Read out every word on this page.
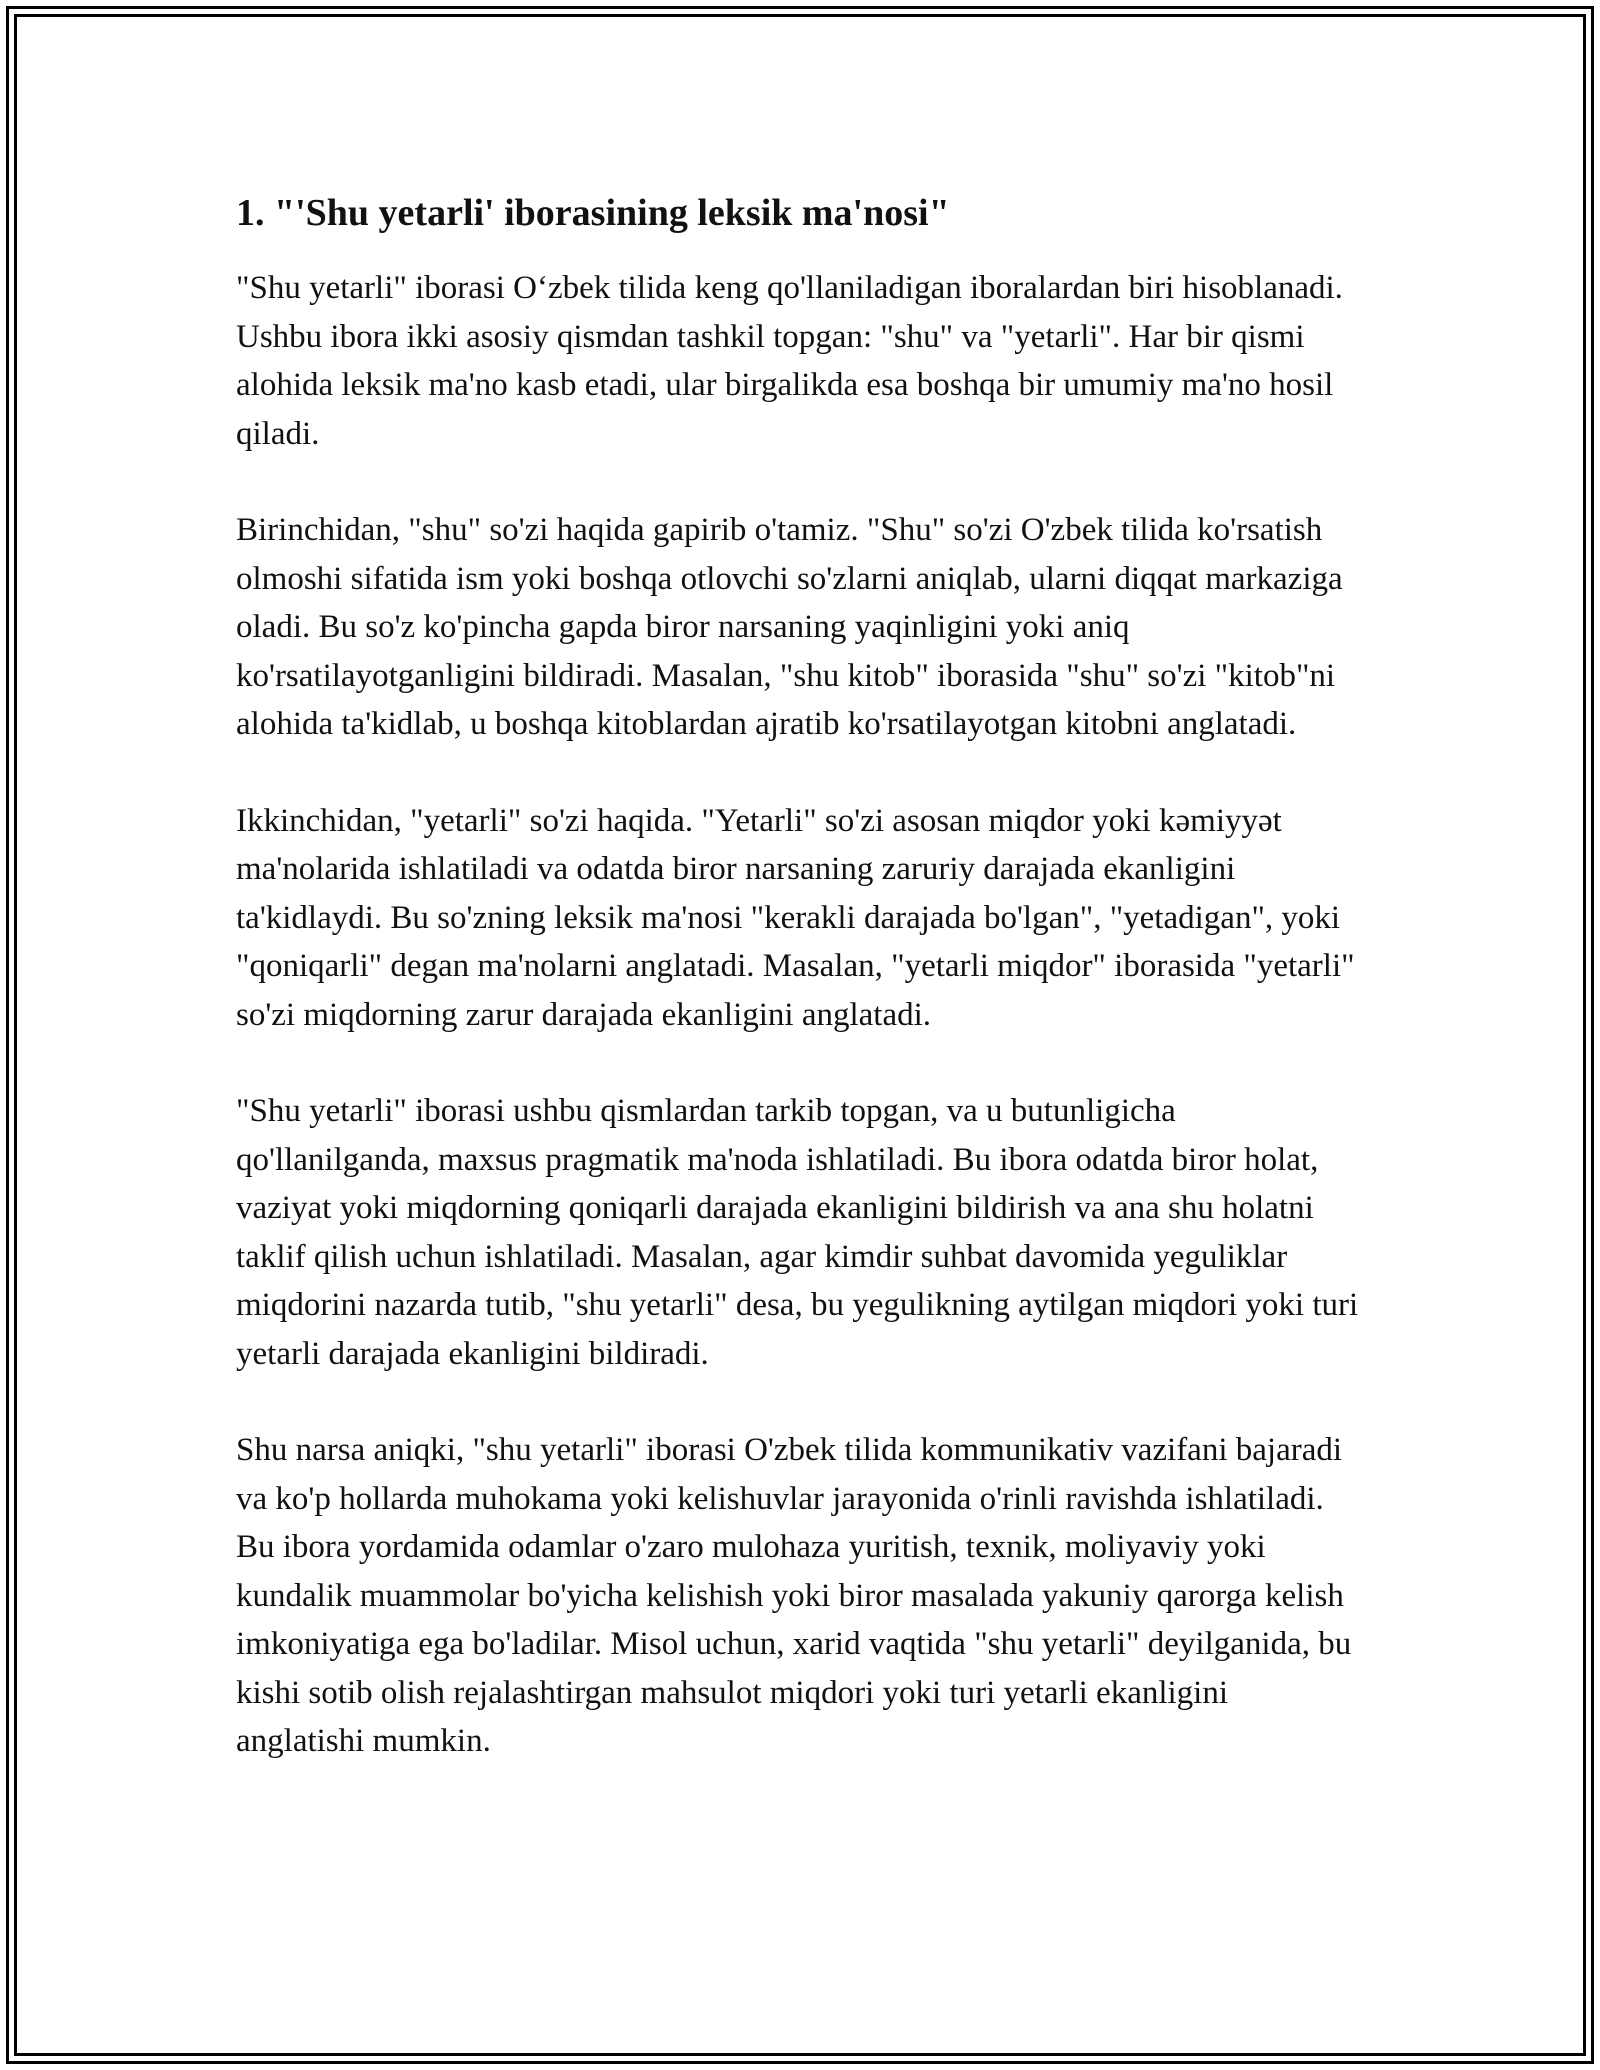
1. "'Shu yetarli' iborasining leksik ma'nosi"

"Shu yetarli" iborasi O‘zbek tilida keng qo'llaniladigan iboralardan biri hisoblanadi. Ushbu ibora ikki asosiy qismdan tashkil topgan: "shu" va "yetarli". Har bir qismi alohida leksik ma'no kasb etadi, ular birgalikda esa boshqa bir umumiy ma'no hosil qiladi.

Birinchidan, "shu" so'zi haqida gapirib o'tamiz. "Shu" so'zi O'zbek tilida ko'rsatish olmoshi sifatida ism yoki boshqa otlovchi so'zlarni aniqlab, ularni diqqat markaziga oladi. Bu so'z ko'pincha gapda biror narsaning yaqinligini yoki aniq ko'rsatilayotganligini bildiradi. Masalan, "shu kitob" iborasida "shu" so'zi "kitob"ni alohida ta'kidlab, u boshqa kitoblardan ajratib ko'rsatilayotgan kitobni anglatadi.

Ikkinchidan, "yetarli" so'zi haqida. "Yetarli" so'zi asosan miqdor yoki kəmiyyət ma'nolarida ishlatiladi va odatda biror narsaning zaruriy darajada ekanligini ta'kidlaydi. Bu so'zning leksik ma'nosi "kerakli darajada bo'lgan", "yetadigan", yoki "qoniqarli" degan ma'nolarni anglatadi. Masalan, "yetarli miqdor" iborasida "yetarli" so'zi miqdorning zarur darajada ekanligini anglatadi.

"Shu yetarli" iborasi ushbu qismlardan tarkib topgan, va u butunligicha qo'llanilganda, maxsus pragmatik ma'noda ishlatiladi. Bu ibora odatda biror holat, vaziyat yoki miqdorning qoniqarli darajada ekanligini bildirish va ana shu holatni taklif qilish uchun ishlatiladi. Masalan, agar kimdir suhbat davomida yeguliklar miqdorini nazarda tutib, "shu yetarli" desa, bu yegulikning aytilgan miqdori yoki turi yetarli darajada ekanligini bildiradi.

Shu narsa aniqki, "shu yetarli" iborasi O'zbek tilida kommunikativ vazifani bajaradi va ko'p hollarda muhokama yoki kelishuvlar jarayonida o'rinli ravishda ishlatiladi. Bu ibora yordamida odamlar o'zaro mulohaza yuritish, texnik, moliyaviy yoki kundalik muammolar bo'yicha kelishish yoki biror masalada yakuniy qarorga kelish imkoniyatiga ega bo'ladilar. Misol uchun, xarid vaqtida "shu yetarli" deyilganida, bu kishi sotib olish rejalashtirgan mahsulot miqdori yoki turi yetarli ekanligini anglatishi mumkin.
